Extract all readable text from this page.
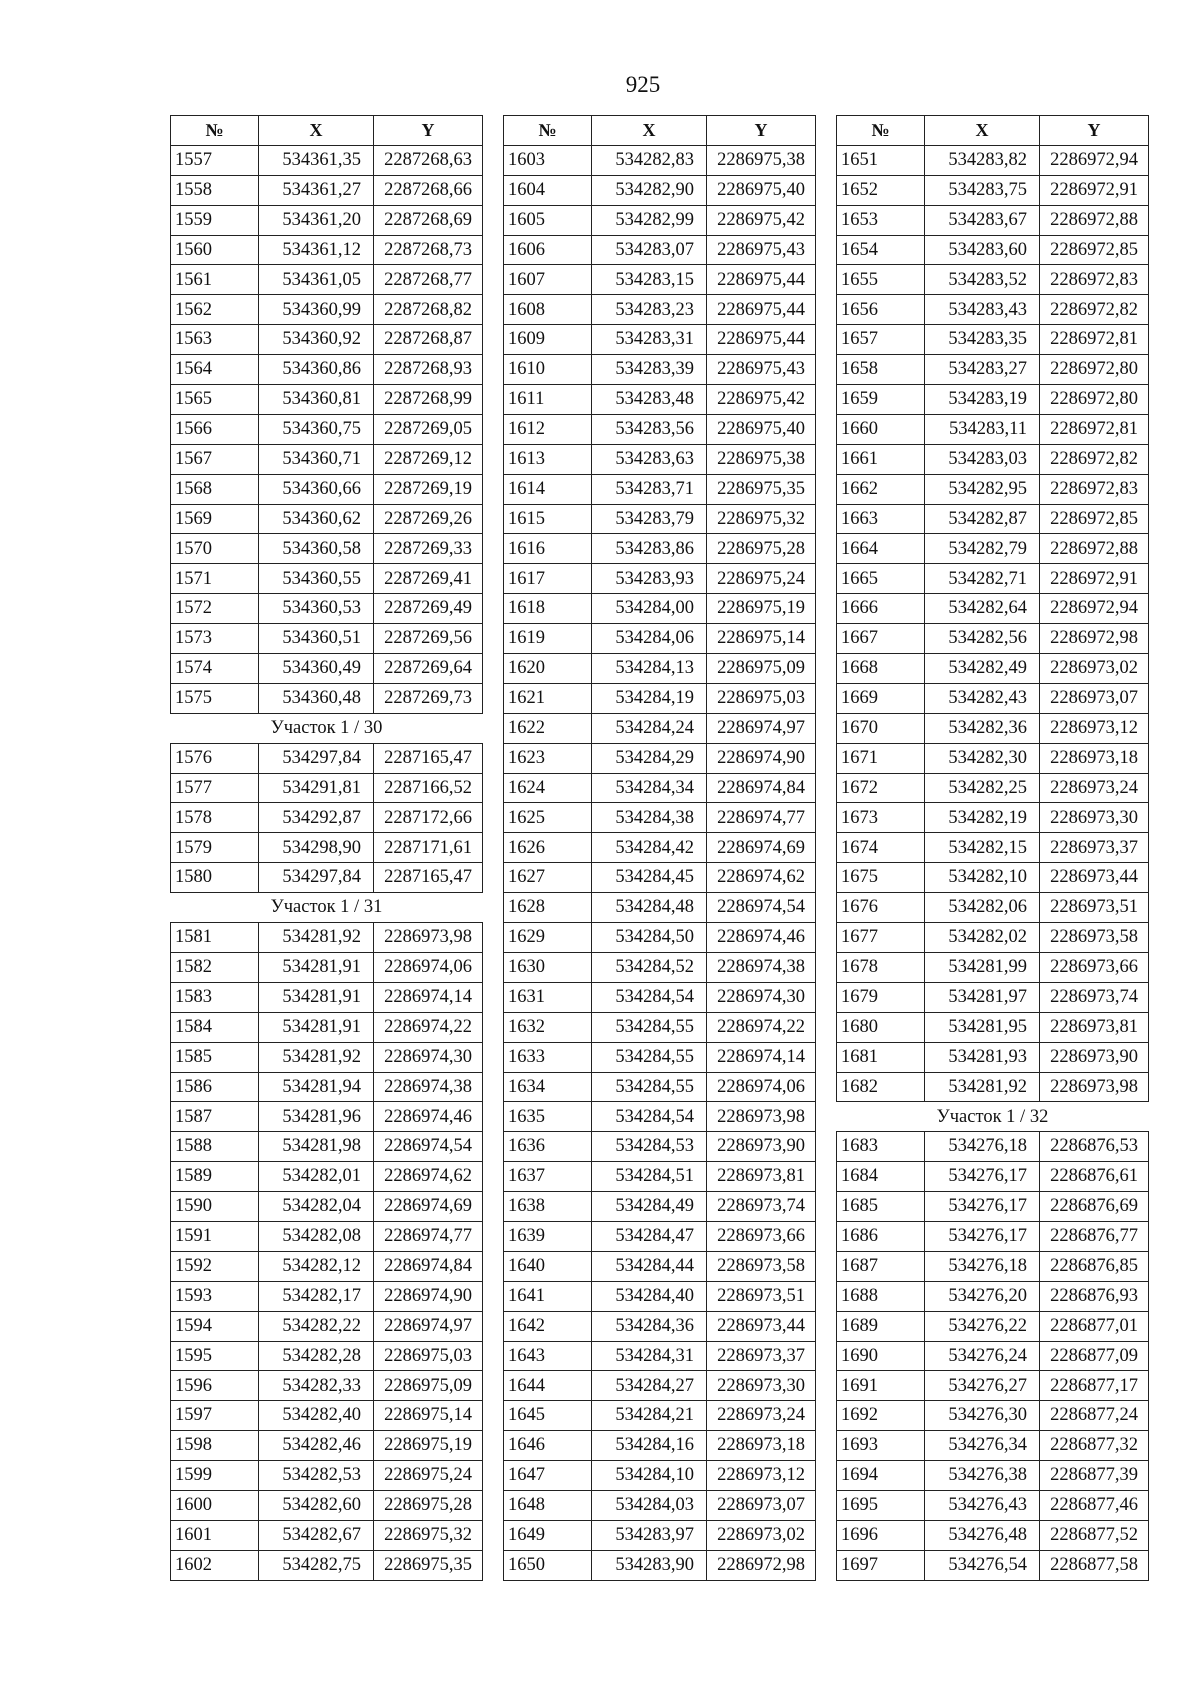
925
№	X	Y
1557	534361,35	2287268,63
1558	534361,27	2287268,66
1559	534361,20	2287268,69
1560	534361,12	2287268,73
1561	534361,05	2287268,77
1562	534360,99	2287268,82
1563	534360,92	2287268,87
1564	534360,86	2287268,93
1565	534360,81	2287268,99
1566	534360,75	2287269,05
1567	534360,71	2287269,12
1568	534360,66	2287269,19
1569	534360,62	2287269,26
1570	534360,58	2287269,33
1571	534360,55	2287269,41
1572	534360,53	2287269,49
1573	534360,51	2287269,56
1574	534360,49	2287269,64
1575	534360,48	2287269,73
Участок 1 / 30		
1576	534297,84	2287165,47
1577	534291,81	2287166,52
1578	534292,87	2287172,66
1579	534298,90	2287171,61
1580	534297,84	2287165,47
Участок 1 / 31		
1581	534281,92	2286973,98
1582	534281,91	2286974,06
1583	534281,91	2286974,14
1584	534281,91	2286974,22
1585	534281,92	2286974,30
1586	534281,94	2286974,38
1587	534281,96	2286974,46
1588	534281,98	2286974,54
1589	534282,01	2286974,62
1590	534282,04	2286974,69
1591	534282,08	2286974,77
1592	534282,12	2286974,84
1593	534282,17	2286974,90
1594	534282,22	2286974,97
1595	534282,28	2286975,03
1596	534282,33	2286975,09
1597	534282,40	2286975,14
1598	534282,46	2286975,19
1599	534282,53	2286975,24
1600	534282,60	2286975,28
1601	534282,67	2286975,32
1602	534282,75	2286975,35
№	X	Y
1603	534282,83	2286975,38
1604	534282,90	2286975,40
1605	534282,99	2286975,42
1606	534283,07	2286975,43
1607	534283,15	2286975,44
1608	534283,23	2286975,44
1609	534283,31	2286975,44
1610	534283,39	2286975,43
1611	534283,48	2286975,42
1612	534283,56	2286975,40
1613	534283,63	2286975,38
1614	534283,71	2286975,35
1615	534283,79	2286975,32
1616	534283,86	2286975,28
1617	534283,93	2286975,24
1618	534284,00	2286975,19
1619	534284,06	2286975,14
1620	534284,13	2286975,09
1621	534284,19	2286975,03
1622	534284,24	2286974,97
1623	534284,29	2286974,90
1624	534284,34	2286974,84
1625	534284,38	2286974,77
1626	534284,42	2286974,69
1627	534284,45	2286974,62
1628	534284,48	2286974,54
1629	534284,50	2286974,46
1630	534284,52	2286974,38
1631	534284,54	2286974,30
1632	534284,55	2286974,22
1633	534284,55	2286974,14
1634	534284,55	2286974,06
1635	534284,54	2286973,98
1636	534284,53	2286973,90
1637	534284,51	2286973,81
1638	534284,49	2286973,74
1639	534284,47	2286973,66
1640	534284,44	2286973,58
1641	534284,40	2286973,51
1642	534284,36	2286973,44
1643	534284,31	2286973,37
1644	534284,27	2286973,30
1645	534284,21	2286973,24
1646	534284,16	2286973,18
1647	534284,10	2286973,12
1648	534284,03	2286973,07
1649	534283,97	2286973,02
1650	534283,90	2286972,98
№	X	Y
1651	534283,82	2286972,94
1652	534283,75	2286972,91
1653	534283,67	2286972,88
1654	534283,60	2286972,85
1655	534283,52	2286972,83
1656	534283,43	2286972,82
1657	534283,35	2286972,81
1658	534283,27	2286972,80
1659	534283,19	2286972,80
1660	534283,11	2286972,81
1661	534283,03	2286972,82
1662	534282,95	2286972,83
1663	534282,87	2286972,85
1664	534282,79	2286972,88
1665	534282,71	2286972,91
1666	534282,64	2286972,94
1667	534282,56	2286972,98
1668	534282,49	2286973,02
1669	534282,43	2286973,07
1670	534282,36	2286973,12
1671	534282,30	2286973,18
1672	534282,25	2286973,24
1673	534282,19	2286973,30
1674	534282,15	2286973,37
1675	534282,10	2286973,44
1676	534282,06	2286973,51
1677	534282,02	2286973,58
1678	534281,99	2286973,66
1679	534281,97	2286973,74
1680	534281,95	2286973,81
1681	534281,93	2286973,90
1682	534281,92	2286973,98
Участок 1 / 32		
1683	534276,18	2286876,53
1684	534276,17	2286876,61
1685	534276,17	2286876,69
1686	534276,17	2286876,77
1687	534276,18	2286876,85
1688	534276,20	2286876,93
1689	534276,22	2286877,01
1690	534276,24	2286877,09
1691	534276,27	2286877,17
1692	534276,30	2286877,24
1693	534276,34	2286877,32
1694	534276,38	2286877,39
1695	534276,43	2286877,46
1696	534276,48	2286877,52
1697	534276,54	2286877,58
